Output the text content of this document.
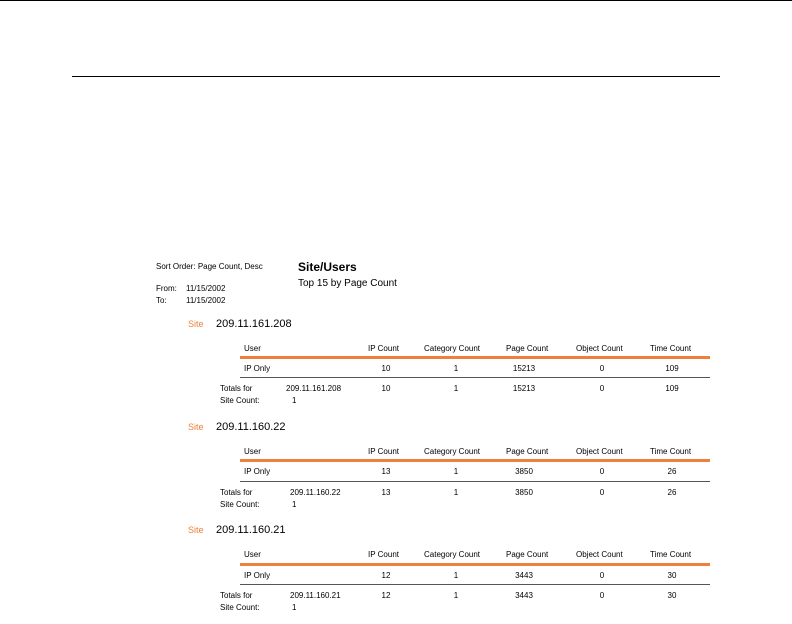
Sort Order: Page Count, Desc
From: 11/15/2002
To: 11/15/2002
Site/Users
Top 15 by Page Count
Site 209.11.161.208
User	IP Count	Category Count	Page Count	Object Count	Time Count
IP Only	10	1	15213	0	109
Totals for	209.11.161.208	10	1	15213	0	109
Site Count:	1
Site 209.11.160.22
User	IP Count	Category Count	Page Count	Object Count	Time Count
IP Only	13	1	3850	0	26
Totals for	209.11.160.22	13	1	3850	0	26
Site Count:	1
Site 209.11.160.21
User	IP Count	Category Count	Page Count	Object Count	Time Count
IP Only	12	1	3443	0	30
Totals for	209.11.160.21	12	1	3443	0	30
Site Count:	1
